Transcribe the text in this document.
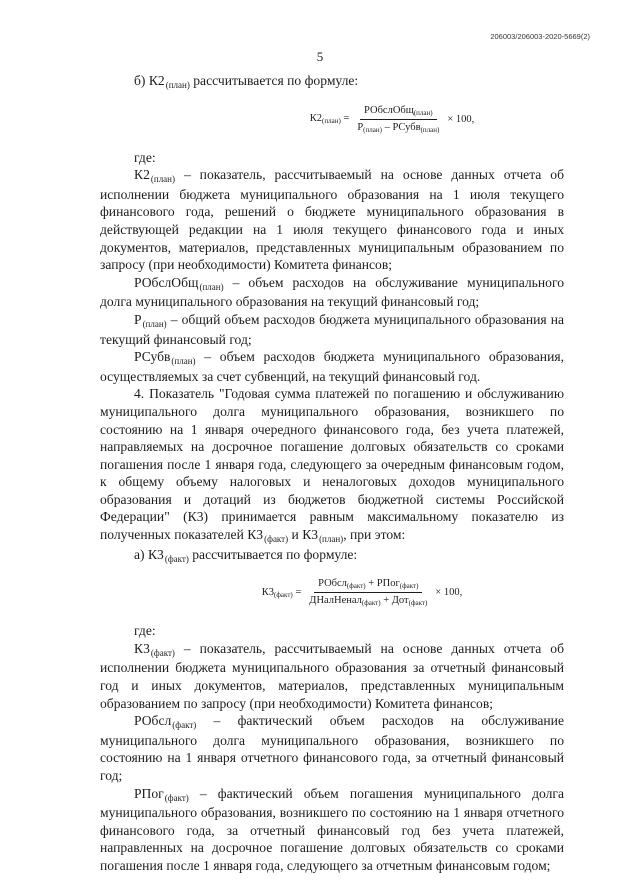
206003/206003-2020-5669(2)
5

б) $К2_{(план)}$ рассчитывается по формуле:

К2(план) = $\frac{\text{РОбслОбщ(план)}}{\text{Р(план) – РСубв(план)}} \times 100$,

где:

$К2_{(план)}$ – показатель, рассчитываемый на основе данных отчета об исполнении бюджета муниципального образования на 1 июля текущего финансового года, решений о бюджете муниципального образования в действующей редакции на 1 июля текущего финансового года и иных документов, материалов, представленных муниципальным образованием по запросу (при необходимости) Комитета финансов;

РОбслОбщ$_{(план)}$ – объем расходов на обслуживание муниципального долга муниципального образования на текущий финансовый год;

$Р_{(план)}$ – общий объем расходов бюджета муниципального образования на текущий финансовый год;

РСубв$_{(план)}$ – объем расходов бюджета муниципального образования, осуществляемых за счет субвенций, на текущий финансовый год.

4. Показатель "Годовая сумма платежей по погашению и обслуживанию муниципального долга муниципального образования, возникшего по состоянию на 1 января очередного финансового года, без учета платежей, направляемых на досрочное погашение долговых обязательств со сроками погашения после 1 января года, следующего за очередным финансовым годом, к общему объему налоговых и неналоговых доходов муниципального образования и дотаций из бюджетов бюджетной системы Российской Федерации" (К3) принимается равным максимальному показателю из полученных показателей $К3_{(факт)}$ и $К3_{(план)}$, при этом:

а) $К3_{(факт)}$ рассчитывается по формуле:

К3(факт) = $\frac{\text{РОбсл(факт) + РПог(факт)}}{\text{ДНалНенал(факт) + Дот(факт)}} \times 100$,

где:

$К3_{(факт)}$ – показатель, рассчитываемый на основе данных отчета об исполнении бюджета муниципального образования за отчетный финансовый год и иных документов, материалов, представленных муниципальным образованием по запросу (при необходимости) Комитета финансов;

РОбсл$_{(факт)}$ – фактический объем расходов на обслуживание муниципального долга муниципального образования, возникшего по состоянию на 1 января отчетного финансового года, за отчетный финансовый год;

РПог$_{(факт)}$ – фактический объем погашения муниципального долга муниципального образования, возникшего по состоянию на 1 января отчетного финансового года, за отчетный финансовый год без учета платежей, направленных на досрочное погашение долговых обязательств со сроками погашения после 1 января года, следующего за отчетным финансовым годом;
